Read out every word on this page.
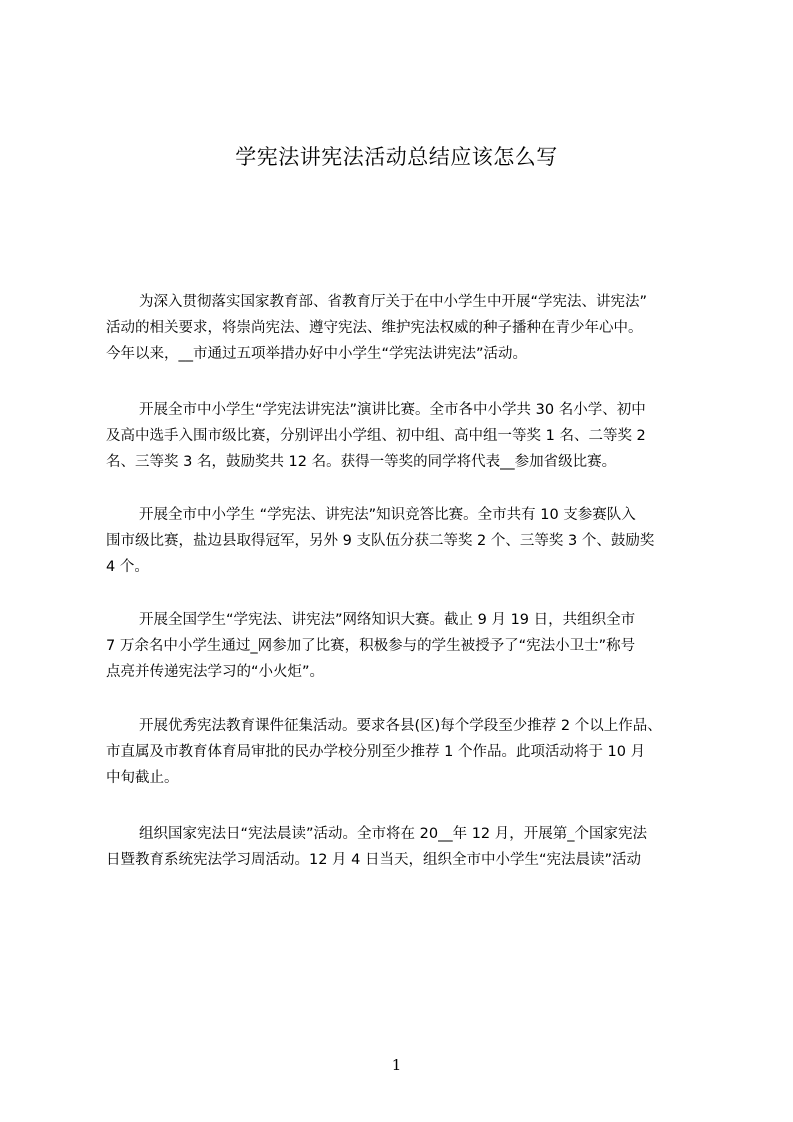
学宪法讲宪法活动总结应该怎么写
为深入贯彻落实国家教育部、省教育厅关于在中小学生中开展“学宪法、讲宪法”
活动的相关要求，将崇尚宪法、遵守宪法、维护宪法权威的种子播种在青少年心中。
今年以来，__市通过五项举措办好中小学生“学宪法讲宪法”活动。
开展全市中小学生“学宪法讲宪法”演讲比赛。全市各中小学共 30 名小学、初中
及高中选手入围市级比赛，分别评出小学组、初中组、高中组一等奖 1 名、二等奖 2
名、三等奖 3 名，鼓励奖共 12 名。获得一等奖的同学将代表__参加省级比赛。
开展全市中小学生 “学宪法、讲宪法”知识竞答比赛。全市共有 10 支参赛队入
围市级比赛，盐边县取得冠军，另外 9 支队伍分获二等奖 2 个、三等奖 3 个、鼓励奖
4 个。
开展全国学生“学宪法、讲宪法”网络知识大赛。截止 9 月 19 日，共组织全市
7 万余名中小学生通过_网参加了比赛，积极参与的学生被授予了“宪法小卫士”称号
点亮并传递宪法学习的“小火炬”。
开展优秀宪法教育课件征集活动。要求各县(区)每个学段至少推荐 2 个以上作品、
市直属及市教育体育局审批的民办学校分别至少推荐 1 个作品。此项活动将于 10 月
中旬截止。
组织国家宪法日“宪法晨读”活动。全市将在 20__年 12 月，开展第_个国家宪法
日暨教育系统宪法学习周活动。12 月 4 日当天，组织全市中小学生“宪法晨读”活动
1
